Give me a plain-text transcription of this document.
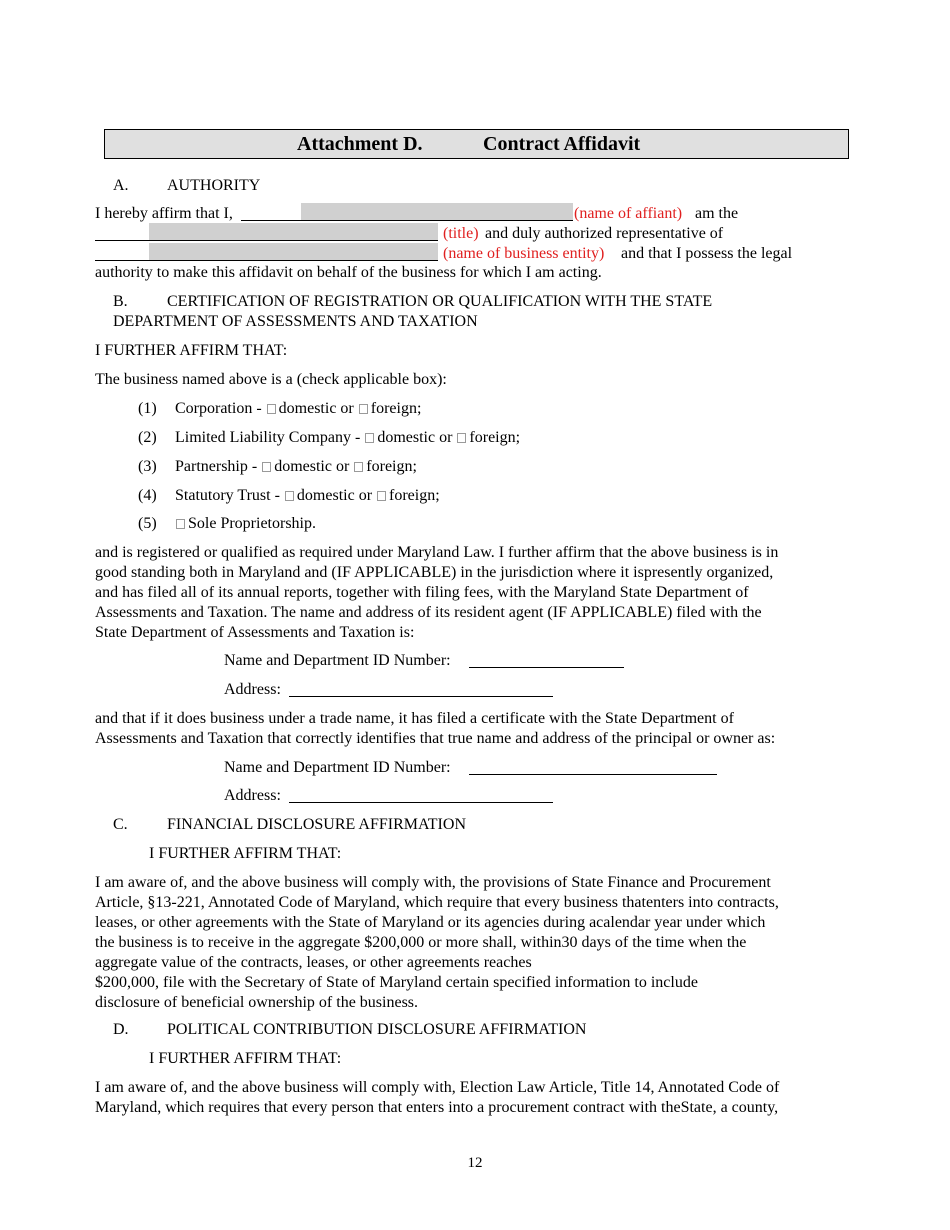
Attachment D.	Contract Affidavit
A. AUTHORITY
I hereby affirm that I,	(name of affiant) am the
(title) and duly authorized representative of
(name of business entity) and that I possess the legal
authority to make this affidavit on behalf of the business for which I am acting.
B. CERTIFICATION OF REGISTRATION OR QUALIFICATION WITH THE STATE
DEPARTMENT OF ASSESSMENTS AND TAXATION
I FURTHER AFFIRM THAT:
The business named above is a (check applicable box):
(1) Corporation - domestic or foreign;
(2) Limited Liability Company - domestic or foreign;
(3) Partnership - domestic or foreign;
(4) Statutory Trust - domestic or foreign;
(5)	Sole Proprietorship.
and is registered or qualified as required under Maryland Law. I further affirm that the above business is in
good standing both in Maryland and (IF APPLICABLE) in the jurisdiction where it ispresently organized,
and has filed all of its annual reports, together with filing fees, with the Maryland State Department of
Assessments and Taxation. The name and address of its resident agent (IF APPLICABLE) filed with the
State Department of Assessments and Taxation is:
Name and Department ID Number:
Address:
and that if it does business under a trade name, it has filed a certificate with the State Department of
Assessments and Taxation that correctly identifies that true name and address of the principal or owner as:
Name and Department ID Number:
Address:
C. FINANCIAL DISCLOSURE AFFIRMATION
I FURTHER AFFIRM THAT:
I am aware of, and the above business will comply with, the provisions of State Finance and Procurement
Article, §13-221, Annotated Code of Maryland, which require that every business thatenters into contracts,
leases, or other agreements with the State of Maryland or its agencies during acalendar year under which
the business is to receive in the aggregate $200,000 or more shall, within30 days of the time when the
aggregate value of the contracts, leases, or other agreements reaches
$200,000, file with the Secretary of State of Maryland certain specified information to include
disclosure of beneficial ownership of the business.
D. POLITICAL CONTRIBUTION DISCLOSURE AFFIRMATION
I FURTHER AFFIRM THAT:
I am aware of, and the above business will comply with, Election Law Article, Title 14, Annotated Code of
Maryland, which requires that every person that enters into a procurement contract with theState, a county,
12
